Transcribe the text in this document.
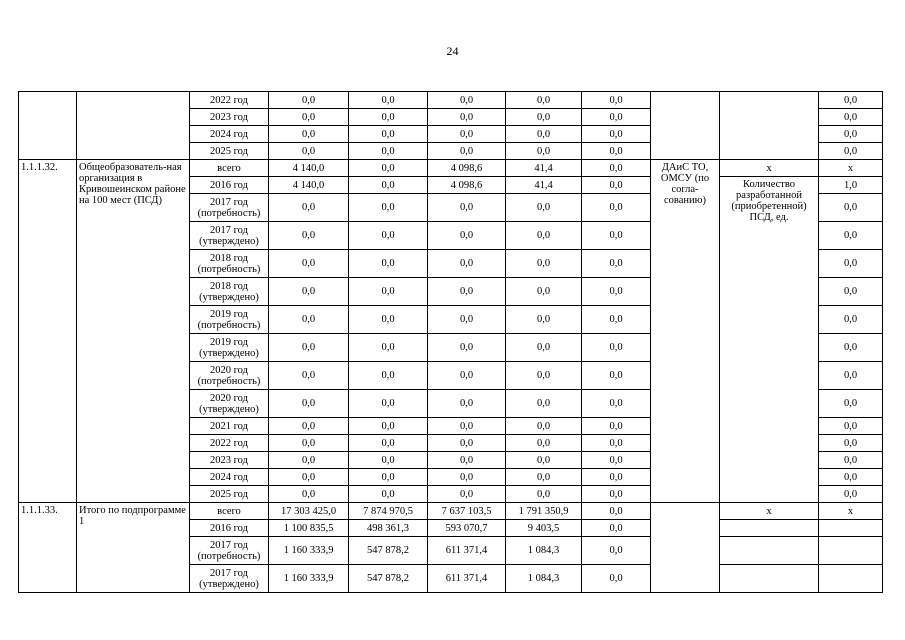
24
		2022 год	0,0	0,0	0,0	0,0	0,0			0,0
		2023 год	0,0	0,0	0,0	0,0	0,0			0,0
		2024 год	0,0	0,0	0,0	0,0	0,0			0,0
		2025 год	0,0	0,0	0,0	0,0	0,0			0,0
1.1.1.32.	Общеобразователь-ная организация в Кривошеинском районе на 100 мест (ПСД)	всего	4 140,0	0,0	4 098,6	41,4	0,0	ДАиС ТО, ОМСУ (по согла-сованию)	x	x
		2016 год	4 140,0	0,0	4 098,6	41,4	0,0		Количество разработанной (приобретенной) ПСД, ед.	1,0
		2017 год (потребность)	0,0	0,0	0,0	0,0	0,0			0,0
		2017 год (утверждено)	0,0	0,0	0,0	0,0	0,0			0,0
		2018 год (потребность)	0,0	0,0	0,0	0,0	0,0			0,0
		2018 год (утверждено)	0,0	0,0	0,0	0,0	0,0			0,0
		2019 год (потребность)	0,0	0,0	0,0	0,0	0,0			0,0
		2019 год (утверждено)	0,0	0,0	0,0	0,0	0,0			0,0
		2020 год (потребность)	0,0	0,0	0,0	0,0	0,0			0,0
		2020 год (утверждено)	0,0	0,0	0,0	0,0	0,0			0,0
		2021 год	0,0	0,0	0,0	0,0	0,0			0,0
		2022 год	0,0	0,0	0,0	0,0	0,0			0,0
		2023 год	0,0	0,0	0,0	0,0	0,0			0,0
		2024 год	0,0	0,0	0,0	0,0	0,0			0,0
		2025 год	0,0	0,0	0,0	0,0	0,0			0,0
1.1.1.33.	Итого по подпрограмме 1	всего	17 303 425,0	7 874 970,5	7 637 103,5	1 791 350,9	0,0		x	x
		2016 год	1 100 835,5	498 361,3	593 070,7	9 403,5	0,0			
		2017 год (потребность)	1 160 333,9	547 878,2	611 371,4	1 084,3	0,0			
		2017 год (утверждено)	1 160 333,9	547 878,2	611 371,4	1 084,3	0,0			
